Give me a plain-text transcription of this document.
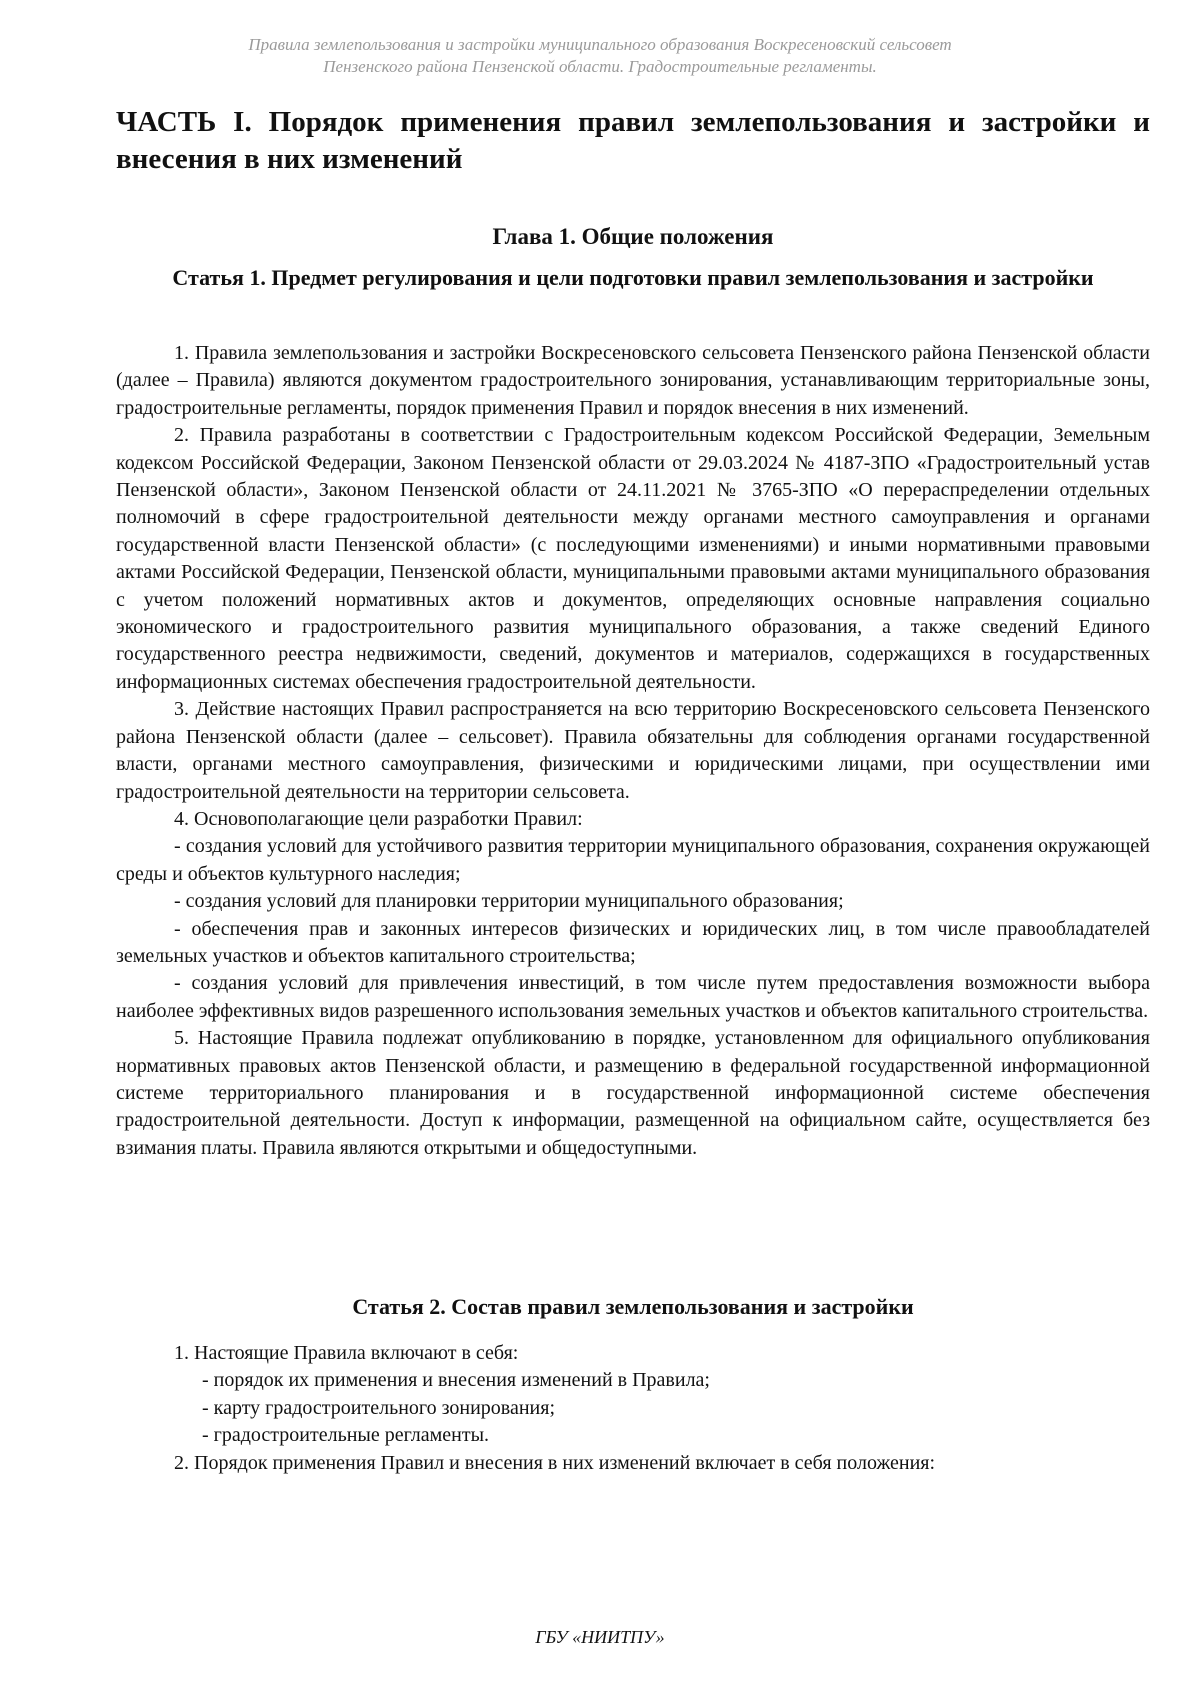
Правила землепользования и застройки муниципального образования Воскресеновский сельсовет
Пензенского района Пензенской области. Градостроительные регламенты.
ЧАСТЬ I. Порядок применения правил землепользования и застройки и внесения в них изменений
Глава 1. Общие положения
Статья 1. Предмет регулирования и цели подготовки правил землепользования и застройки

1. Правила землепользования и застройки Воскресеновского сельсовета Пензенского района Пензенской области (далее – Правила) являются документом градостроительного зонирования, устанавливающим территориальные зоны, градостроительные регламенты, порядок применения Правил и порядок внесения в них изменений.

2. Правила разработаны в соответствии с Градостроительным кодексом Российской Федерации, Земельным кодексом Российской Федерации, Законом Пензенской области от 29.03.2024 № 4187-ЗПО «Градостроительный устав Пензенской области», Законом Пензенской области от 24.11.2021 № 3765-ЗПО «О перераспределении отдельных полномочий в сфере градостроительной деятельности между органами местного самоуправления и органами государственной власти Пензенской области» (с последующими изменениями) и иными нормативными правовыми актами Российской Федерации, Пензенской области, муниципальными правовыми актами муниципального образования с учетом положений нормативных актов и документов, определяющих основные направления социально экономического и градостроительного развития муниципального образования, а также сведений Единого государственного реестра недвижимости, сведений, документов и материалов, содержащихся в государственных информационных системах обеспечения градостроительной деятельности.

3. Действие настоящих Правил распространяется на всю территорию Воскресеновского сельсовета Пензенского района Пензенской области (далее – сельсовет). Правила обязательны для соблюдения органами государственной власти, органами местного самоуправления, физическими и юридическими лицами, при осуществлении ими градостроительной деятельности на территории сельсовета.

4. Основополагающие цели разработки Правил:

- создания условий для устойчивого развития территории муниципального образования, сохранения окружающей среды и объектов культурного наследия;

- создания условий для планировки территории муниципального образования;

- обеспечения прав и законных интересов физических и юридических лиц, в том числе правообладателей земельных участков и объектов капитального строительства;

- создания условий для привлечения инвестиций, в том числе путем предоставления возможности выбора наиболее эффективных видов разрешенного использования земельных участков и объектов капитального строительства.

5. Настоящие Правила подлежат опубликованию в порядке, установленном для официального опубликования нормативных правовых актов Пензенской области, и размещению в федеральной государственной информационной системе территориального планирования и в государственной информационной системе обеспечения градостроительной деятельности. Доступ к информации, размещенной на официальном сайте, осуществляется без взимания платы. Правила являются открытыми и общедоступными.

Статья 2. Состав правил землепользования и застройки

1. Настоящие Правила включают в себя:

- порядок их применения и внесения изменений в Правила;

- карту градостроительного зонирования;

- градостроительные регламенты.

2. Порядок применения Правил и внесения в них изменений включает в себя положения:

ГБУ «НИИТПУ»
